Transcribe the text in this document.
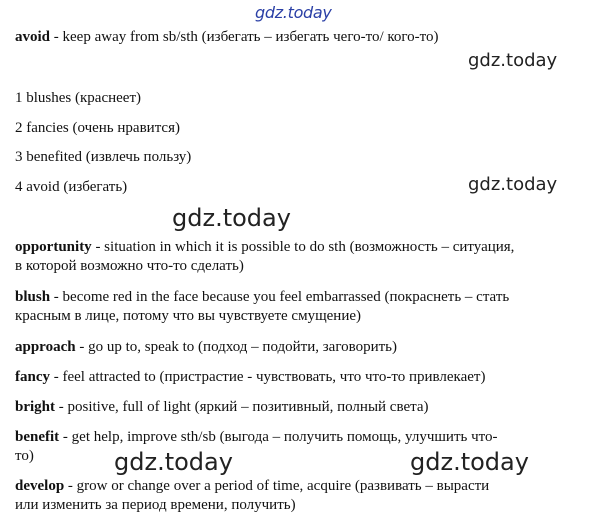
gdz.today
gdz.today
gdz.today
gdz.today
gdz.today	gdz.today
avoid - keep away from sb/sth (избегать – избегать чего-то/ кого-то)
1 blushes (краснеет)
2 fancies (очень нравится)
3 benefited (извлечь пользу)
4 avoid (избегать)
opportunity - situation in which it is possible to do sth (возможность – ситуация,
в которой возможно что-то сделать)
blush - become red in the face because you feel embarrassed (покраснеть – стать
красным в лице, потому что вы чувствуете смущение)
approach - go up to, speak to (подход – подойти, заговорить)
fancy - feel attracted to (пристрастие - чувствовать, что что-то привлекает)
bright - positive, full of light (яркий – позитивный, полный света)
benefit - get help, improve sth/sb (выгода – получить помощь, улучшить что-
то)
develop - grow or change over a period of time, acquire (развивать – вырасти
или изменить за период времени, получить)
